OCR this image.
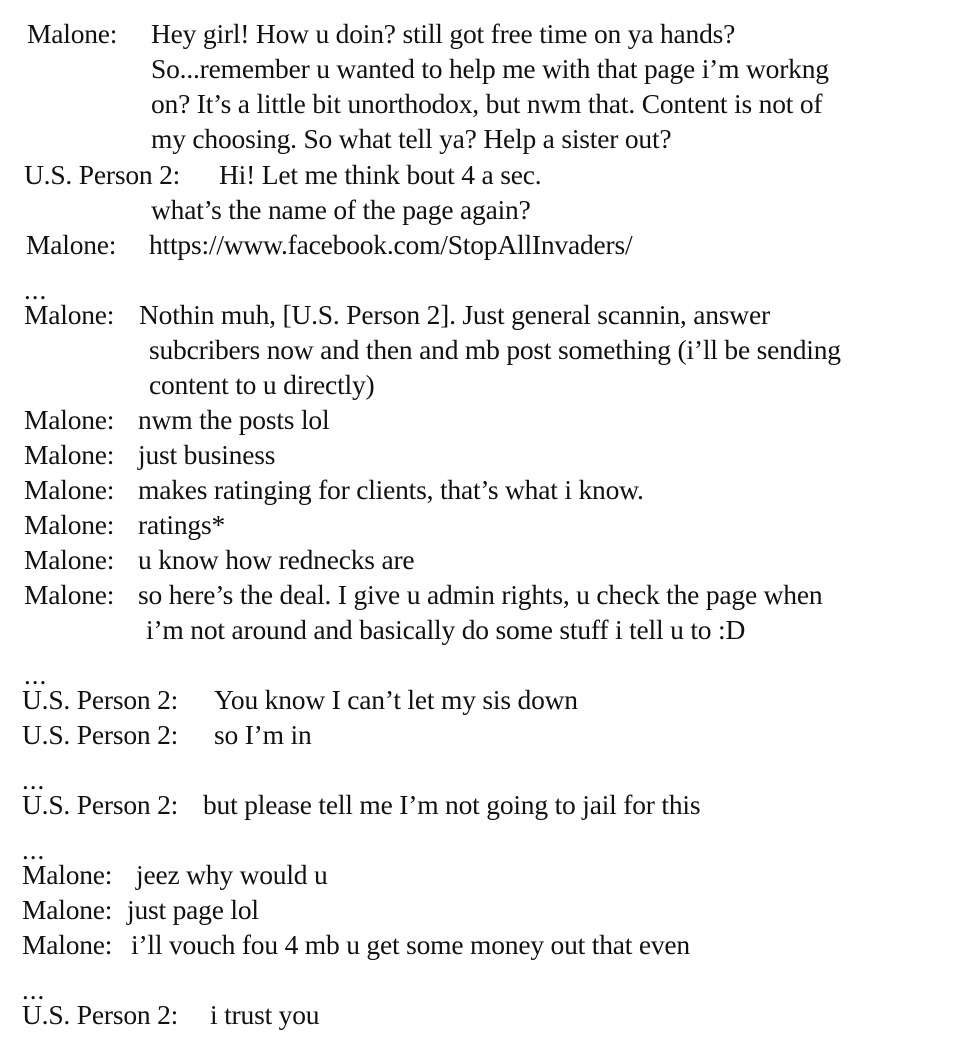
Malone: Hey girl! How u doin? still got free time on ya hands?
So...remember u wanted to help me with that page i’m workng
on? It’s a little bit unorthodox, but nwm that. Content is not of
my choosing. So what tell ya? Help a sister out?
U.S. Person 2: Hi! Let me think bout 4 a sec.
what’s the name of the page again?
Malone: https://www.facebook.com/StopAllInvaders/
...
Malone: Nothin muh, [U.S. Person 2]. Just general scannin, answer
subcribers now and then and mb post something (i’ll be sending
content to u directly)
Malone: nwm the posts lol
Malone: just business
Malone: makes ratinging for clients, that’s what i know.
Malone: ratings*
Malone: u know how rednecks are
Malone: so here’s the deal. I give u admin rights, u check the page when
i’m not around and basically do some stuff i tell u to :D
...
U.S. Person 2: You know I can’t let my sis down
U.S. Person 2: so I’m in
...
U.S. Person 2: but please tell me I’m not going to jail for this
...
Malone: jeez why would u
Malone: just page lol
Malone: i’ll vouch fou 4 mb u get some money out that even
...
U.S. Person 2: i trust you
